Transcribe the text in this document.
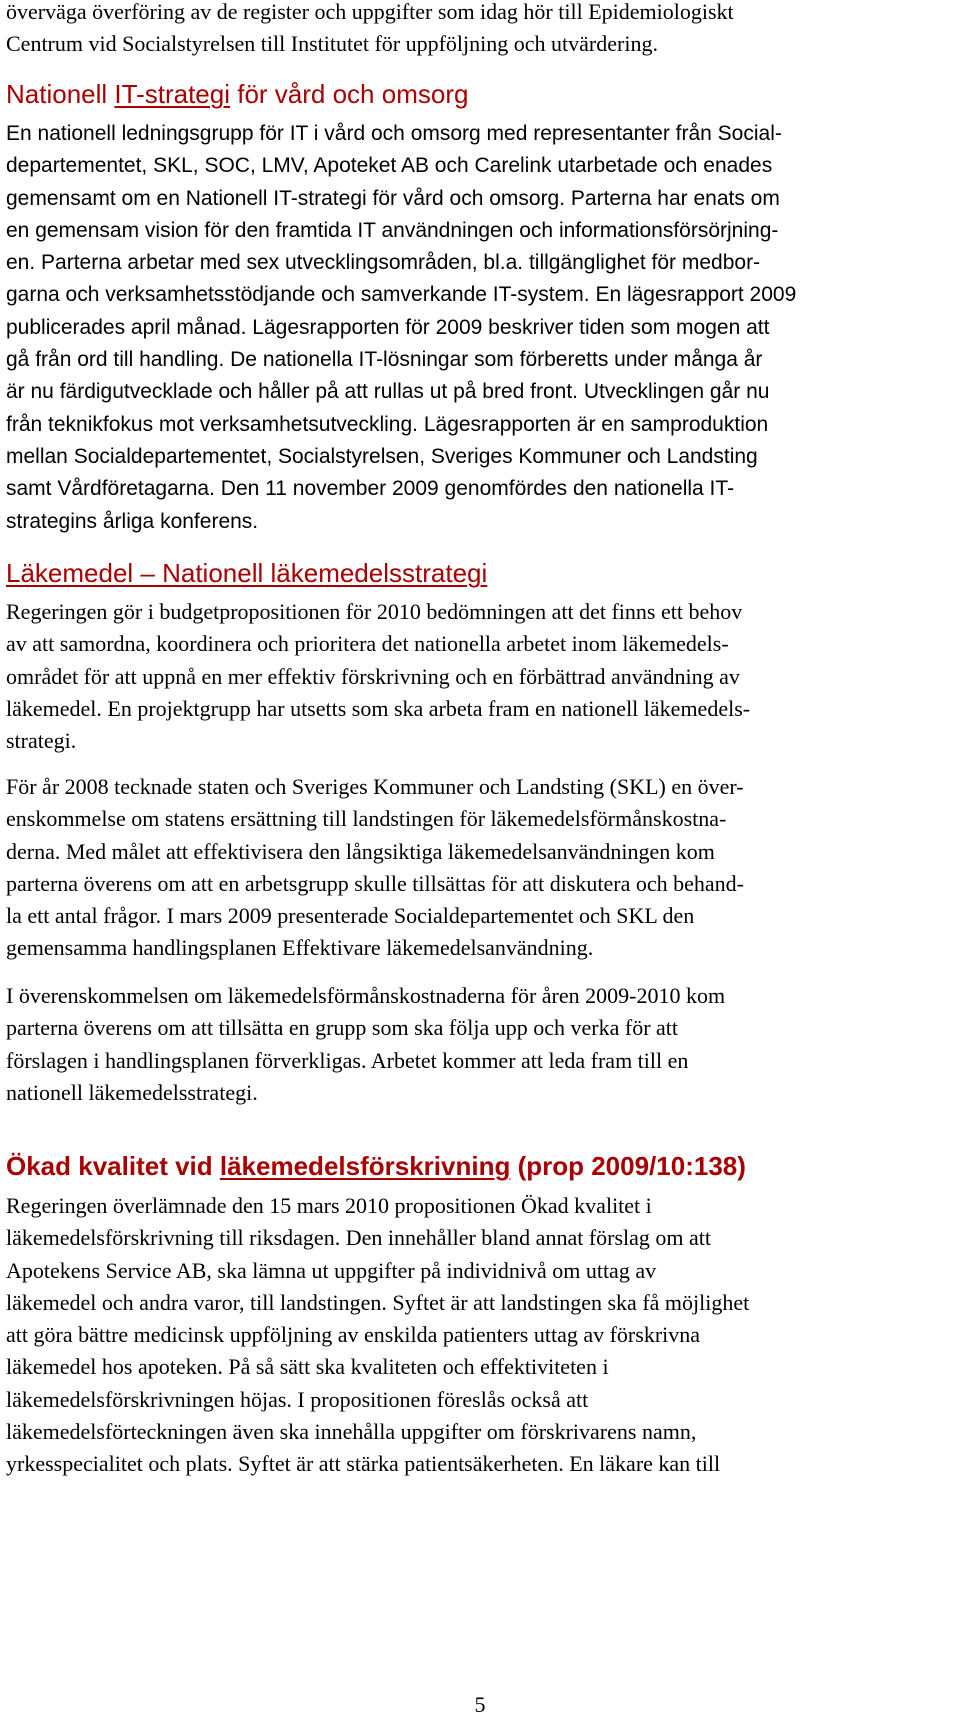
överväga överföring av de register och uppgifter som idag hör till Epidemiologiskt
Centrum vid Socialstyrelsen till Institutet för uppföljning och utvärdering.
Nationell IT-strategi för vård och omsorg
En nationell ledningsgrupp för IT i vård och omsorg med representanter från Social-
departementet, SKL, SOC, LMV, Apoteket AB och Carelink utarbetade och enades
gemensamt om en Nationell IT-strategi för vård och omsorg. Parterna har enats om
en gemensam vision för den framtida IT användningen och informationsförsörjning-
en. Parterna arbetar med sex utvecklingsområden, bl.a. tillgänglighet för medbor-
garna och verksamhetsstödjande och samverkande IT-system. En lägesrapport 2009
publicerades april månad. Lägesrapporten för 2009 beskriver tiden som mogen att
gå från ord till handling. De nationella IT-lösningar som förberetts under många år
är nu färdigutvecklade och håller på att rullas ut på bred front. Utvecklingen går nu
från teknikfokus mot verksamhetsutveckling. Lägesrapporten är en samproduktion
mellan Socialdepartementet, Socialstyrelsen, Sveriges Kommuner och Landsting
samt Vårdföretagarna. Den 11 november 2009 genomfördes den nationella IT-
strategins årliga konferens.
Läkemedel – Nationell läkemedelsstrategi
Regeringen gör i budgetpropositionen för 2010 bedömningen att det finns ett behov
av att samordna, koordinera och prioritera det nationella arbetet inom läkemedels-
området för att uppnå en mer effektiv förskrivning och en förbättrad användning av
läkemedel. En projektgrupp har utsetts som ska arbeta fram en nationell läkemedels-
strategi.
För år 2008 tecknade staten och Sveriges Kommuner och Landsting (SKL) en över-
enskommelse om statens ersättning till landstingen för läkemedelsförmånskostna-
derna. Med målet att effektivisera den långsiktiga läkemedelsanvändningen kom
parterna överens om att en arbetsgrupp skulle tillsättas för att diskutera och behand-
la ett antal frågor. I mars 2009 presenterade Socialdepartementet och SKL den
gemensamma handlingsplanen Effektivare läkemedelsanvändning.
I överenskommelsen om läkemedelsförmånskostnaderna för åren 2009-2010 kom
parterna överens om att tillsätta en grupp som ska följa upp och verka för att
förslagen i handlingsplanen förverkligas. Arbetet kommer att leda fram till en
nationell läkemedelsstrategi.
Ökad kvalitet vid läkemedelsförskrivning (prop 2009/10:138)
Regeringen överlämnade den 15 mars 2010 propositionen Ökad kvalitet i
läkemedelsförskrivning till riksdagen. Den innehåller bland annat förslag om att
Apotekens Service AB, ska lämna ut uppgifter på individnivå om uttag av
läkemedel och andra varor, till landstingen. Syftet är att landstingen ska få möjlighet
att göra bättre medicinsk uppföljning av enskilda patienters uttag av förskrivna
läkemedel hos apoteken. På så sätt ska kvaliteten och effektiviteten i
läkemedelsförskrivningen höjas. I propositionen föreslås också att
läkemedelsförteckningen även ska innehålla uppgifter om förskrivarens namn,
yrkesspecialitet och plats. Syftet är att stärka patientsäkerheten. En läkare kan till
5
